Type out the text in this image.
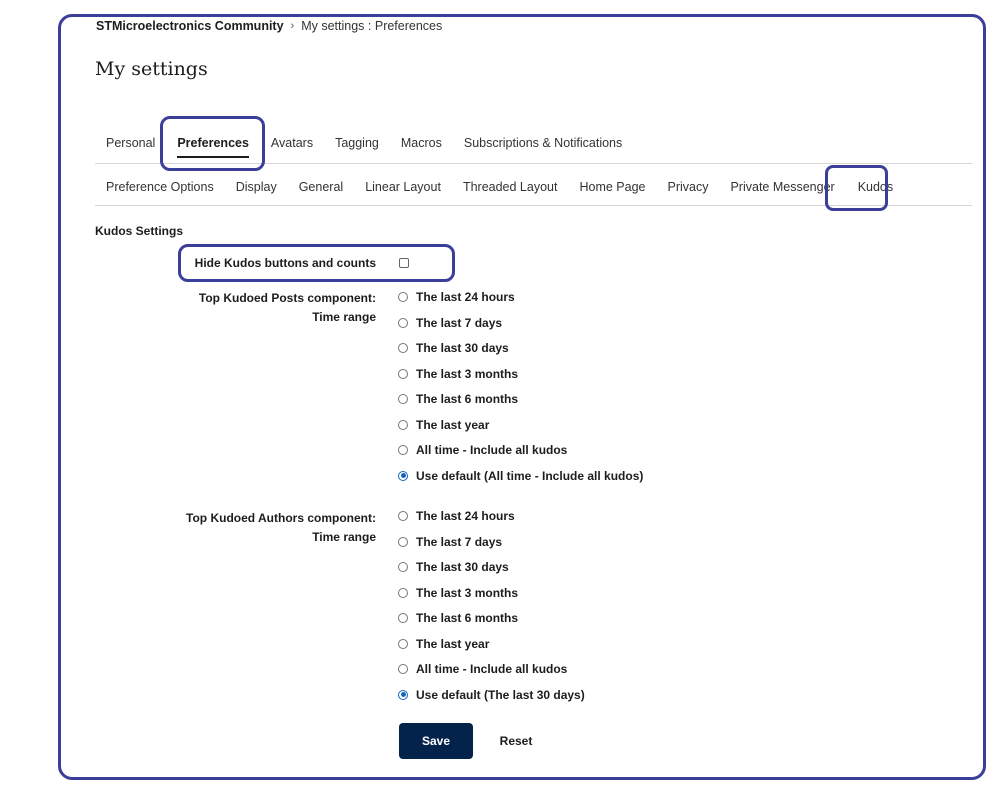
STMicroelectronics Community › My settings : Preferences
My settings
Personal	Preferences	Avatars	Tagging	Macros	Subscriptions & Notifications
Preference Options	Display	General	Linear Layout	Threaded Layout	Home Page	Privacy	Private Messenger	Kudos
Kudos Settings
Hide Kudos buttons and counts
Top Kudoed Posts component:
Time range
The last 24 hours
The last 7 days
The last 30 days
The last 3 months
The last 6 months
The last year
All time - Include all kudos
Use default (All time - Include all kudos)
Top Kudoed Authors component:
Time range
The last 24 hours
The last 7 days
The last 30 days
The last 3 months
The last 6 months
The last year
All time - Include all kudos
Use default (The last 30 days)
Save	Reset
